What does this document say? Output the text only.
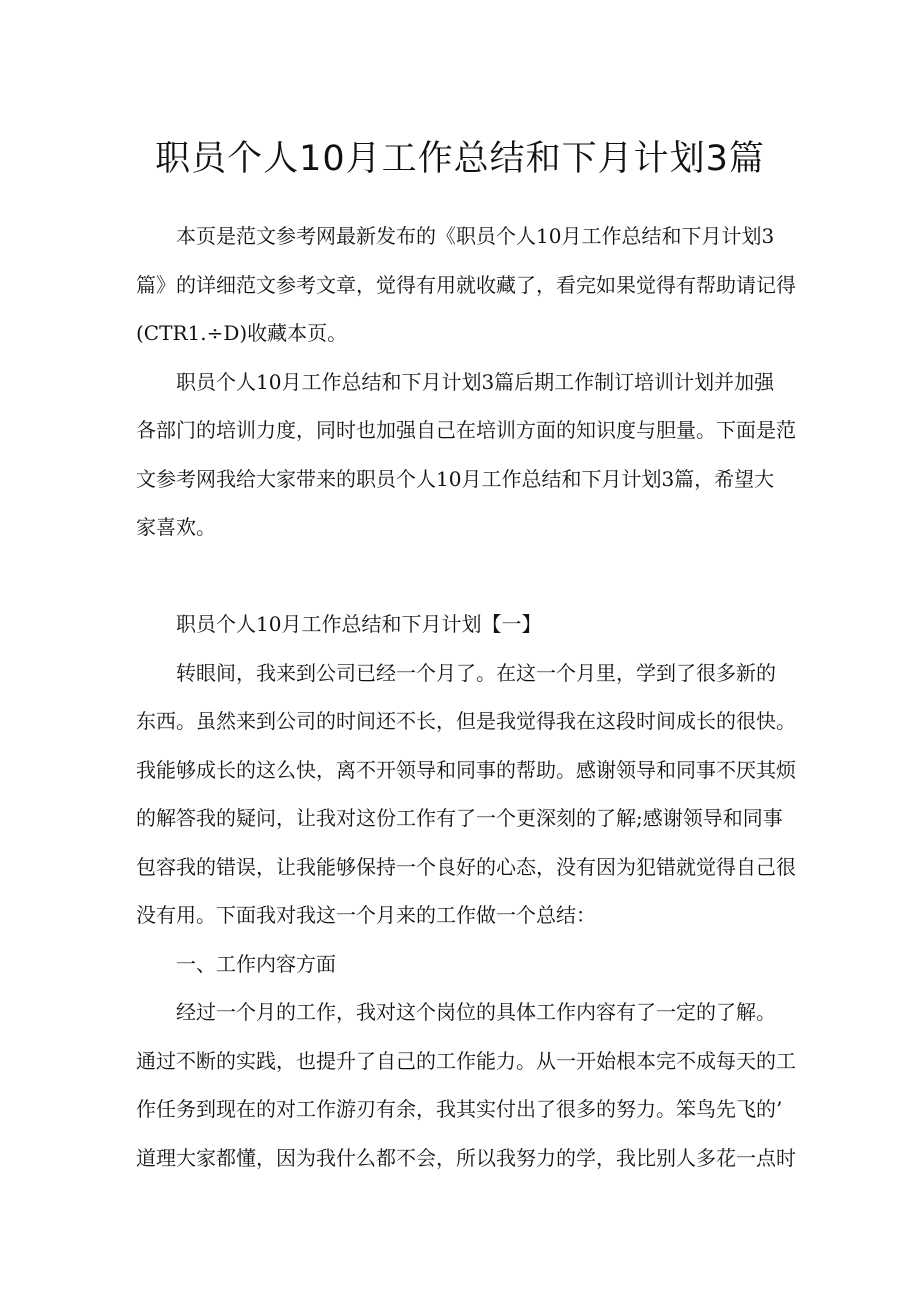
职员个人10月工作总结和下月计划3篇
本页是范文参考网最新发布的《职员个人10月工作总结和下月计划3
篇》的详细范文参考文章，觉得有用就收藏了，看完如果觉得有帮助请记得
(CTR1.÷D)收藏本页。
职员个人10月工作总结和下月计划3篇后期工作制订培训计划并加强
各部门的培训力度，同时也加强自己在培训方面的知识度与胆量。下面是范
文参考网我给大家带来的职员个人10月工作总结和下月计划3篇，希望大
家喜欢。
职员个人10月工作总结和下月计划【一】
转眼间，我来到公司已经一个月了。在这一个月里，学到了很多新的
东西。虽然来到公司的时间还不长，但是我觉得我在这段时间成长的很快。
我能够成长的这么快，离不开领导和同事的帮助。感谢领导和同事不厌其烦
的解答我的疑问，让我对这份工作有了一个更深刻的了解;感谢领导和同事
包容我的错误，让我能够保持一个良好的心态，没有因为犯错就觉得自己很
没有用。下面我对我这一个月来的工作做一个总结：
一、工作内容方面
经过一个月的工作，我对这个岗位的具体工作内容有了一定的了解。
通过不断的实践，也提升了自己的工作能力。从一开始根本完不成每天的工
作任务到现在的对工作游刃有余，我其实付出了很多的努力。笨鸟先飞的’
道理大家都懂，因为我什么都不会，所以我努力的学，我比别人多花一点时
